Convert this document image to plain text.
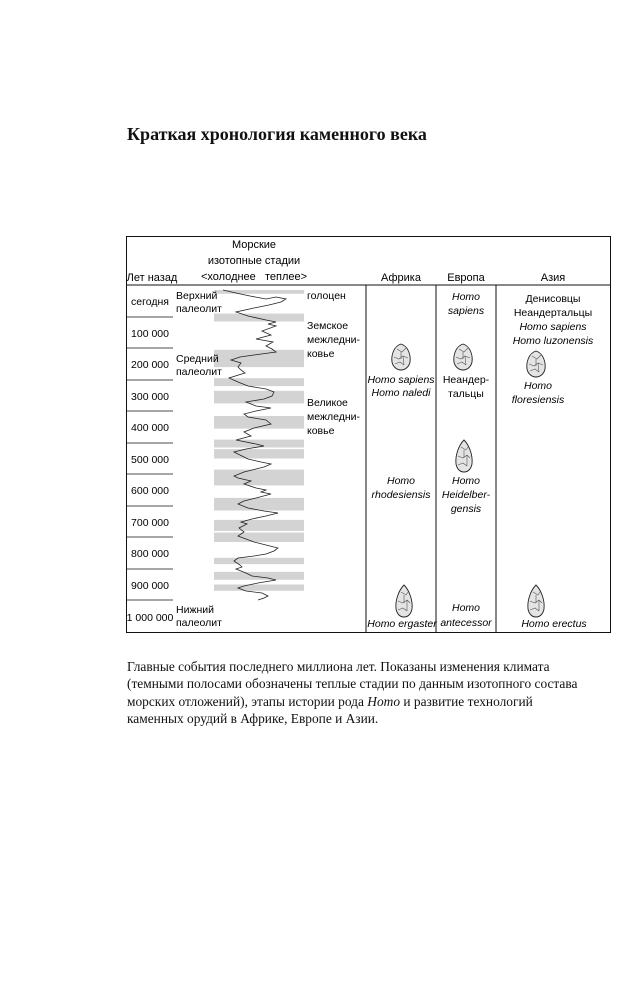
Краткая хронология каменного века
Лет назад
Морские
изотопные стадии
<холоднее   теплее>	Африка Европа	Азия
сегодня
100 000
200 000
300 000
400 000
500 000
600 000
700 000
800 000
900 000
1 000 000
Верхний
палеолит
Средний
палеолит
Нижний
палеолит
голоцен
Земское
межледни-
ковье
Великое
межледни-
ковье
Homo sapiens
Homo naledi
Homo
rhodesiensis
Homo ergaster
Homo
sapiens
Неандер-
тальцы
Homo
Heidelber-
gensis
Homo
antecessor
Денисовцы
Неандертальцы
Homo sapiens
Homo luzonensis
Homo
floresiensis
Homo erectus

Главные события последнего миллиона лет. Показаны изменения климата (темными полосами обозначены теплые стадии по данным изотопного состава морских отложений), этапы истории рода Homo и развитие технологий каменных орудий в Африке, Европе и Азии.
